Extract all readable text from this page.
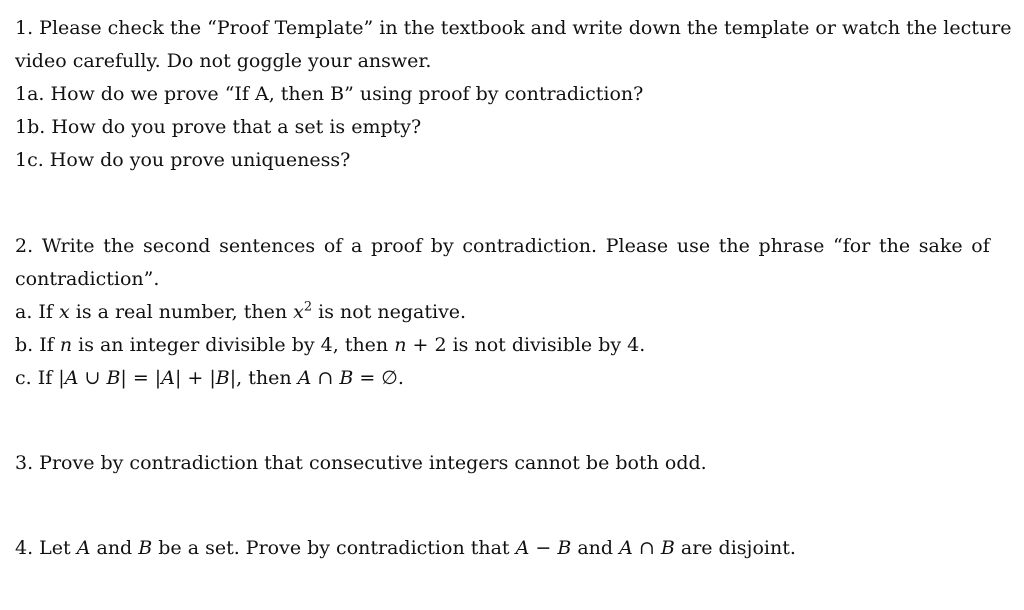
1. Please check the “Proof Template” in the textbook and write down the template or watch the lecture
video carefully. Do not goggle your answer.
1a. How do we prove “If A, then B” using proof by contradiction?
1b. How do you prove that a set is empty?
1c. How do you prove uniqueness?
2. Write the second sentences of a proof by contradiction. Please use the phrase “for the sake of
contradiction”.
a. If x is a real number, then $x^2$ is not negative.
b. If n is an integer divisible by 4, then n + 2 is not divisible by 4.
c. If |A ∪ B| = |A| + |B|, then A ∩ B = ∅.
3. Prove by contradiction that consecutive integers cannot be both odd.
4. Let A and B be a set. Prove by contradiction that A − B and A ∩ B are disjoint.
